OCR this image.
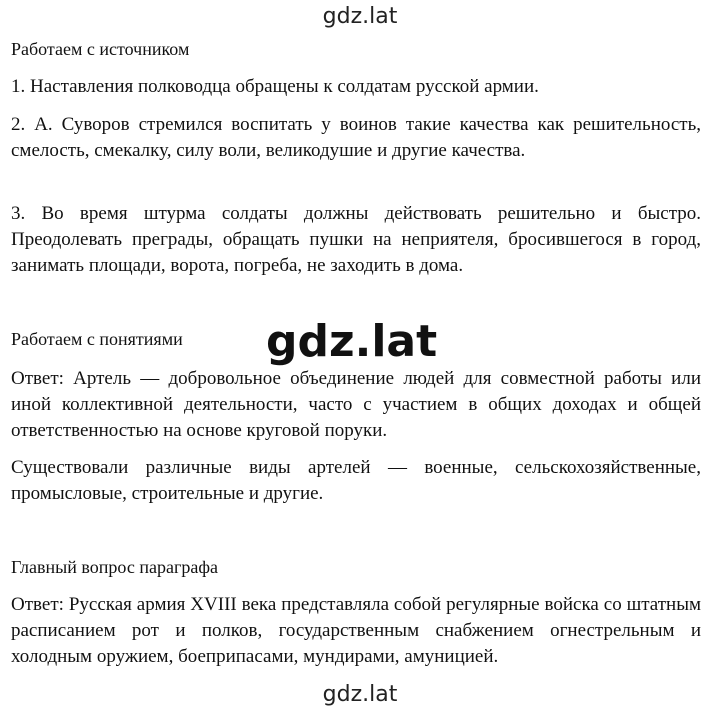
gdz.lat
Работаем с источником
1. Наставления полководца обращены к солдатам русской армии.
2. А. Суворов стремился воспитать у воинов такие качества как решительность, смелость, смекалку, силу воли, великодушие и другие качества.
3. Во время штурма солдаты должны действовать решительно и быстро. Преодолевать преграды, обращать пушки на неприятеля, бросившегося в город, занимать площади, ворота, погреба, не заходить в дома.
Работаем с понятиями
Ответ: Артель — добровольное объединение людей для совместной работы или иной коллективной деятельности, часто с участием в общих доходах и общей ответственностью на основе круговой поруки.
Существовали различные виды артелей — военные, сельскохозяйственные, промысловые, строительные и другие.
Главный вопрос параграфа
Ответ: Русская армия XVIII века представляла собой регулярные войска со штатным расписанием рот и полков, государственным снабжением огнестрельным и холодным оружием, боеприпасами, мундирами, амуницией.
gdz.lat
gdz.lat
